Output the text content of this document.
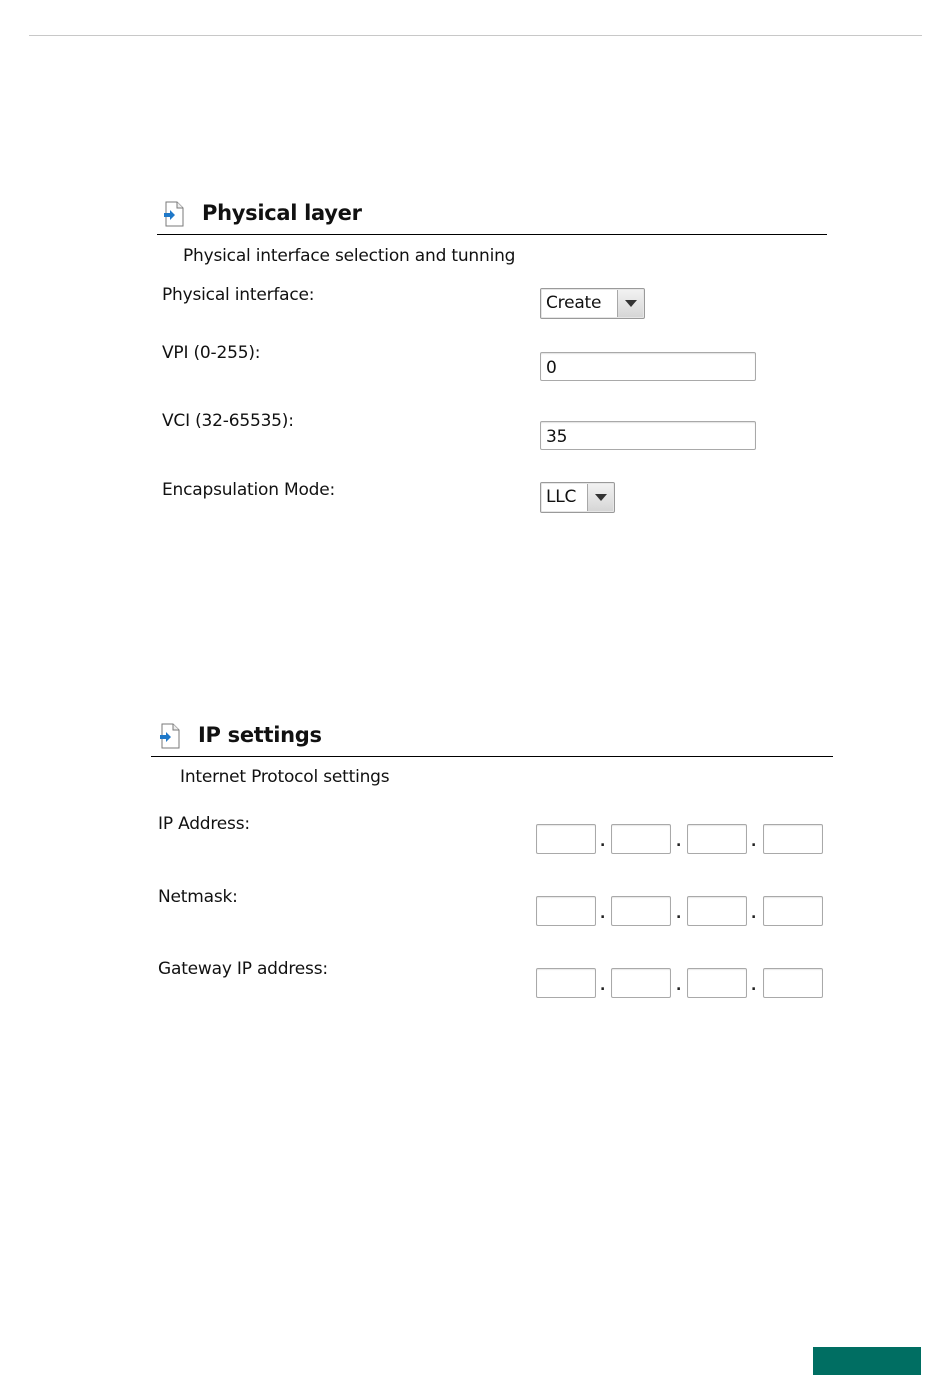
Physical layer
Physical interface selection and tunning
Physical interface:	Create
VPI (0-255):
0
VCI (32-65535):
35
Encapsulation Mode:	LLC
IP settings
Internet Protocol settings
IP Address:
.	.	.
Netmask:
.	.	.
Gateway IP address:
.	.	.
